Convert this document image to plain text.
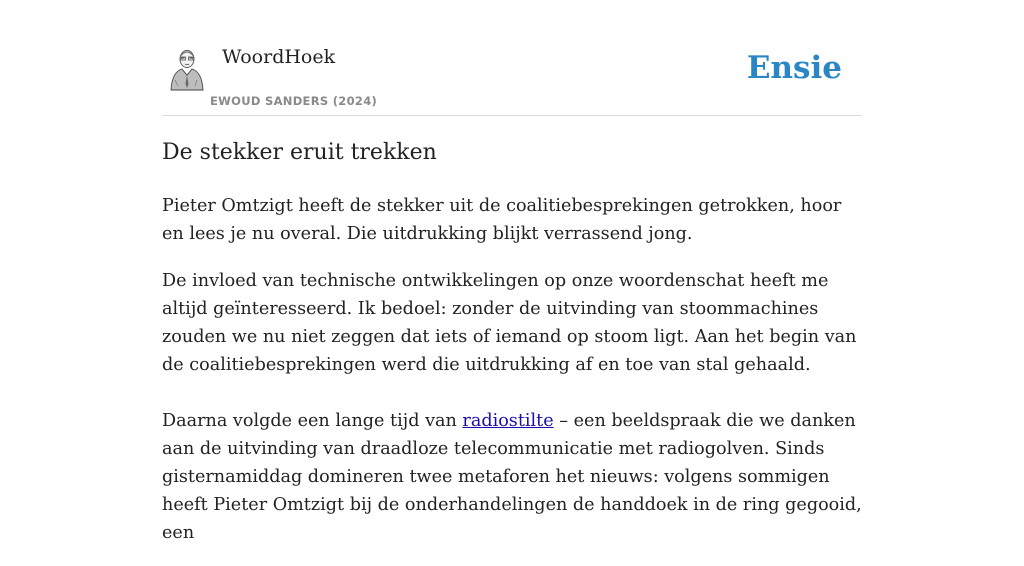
WoordHoek
EWOUD SANDERS (2024)
Ensie
De stekker eruit trekken

Pieter Omtzigt heeft de stekker uit de coalitiebesprekingen getrokken, hoor en lees je nu overal. Die uitdrukking blijkt verrassend jong.

De invloed van technische ontwikkelingen op onze woordenschat heeft me altijd geïnteresseerd. Ik bedoel: zonder de uitvinding van stoommachines zouden we nu niet zeggen dat iets of iemand op stoom ligt. Aan het begin van de coalitiebesprekingen werd die uitdrukking af en toe van stal gehaald.

Daarna volgde een lange tijd van radiostilte – een beeldspraak die we danken aan de uitvinding van draadloze telecommunicatie met radiogolven. Sinds gisternamiddag domineren twee metaforen het nieuws: volgens sommigen heeft Pieter Omtzigt bij de onderhandelingen de handdoek in de ring gegooid, een
